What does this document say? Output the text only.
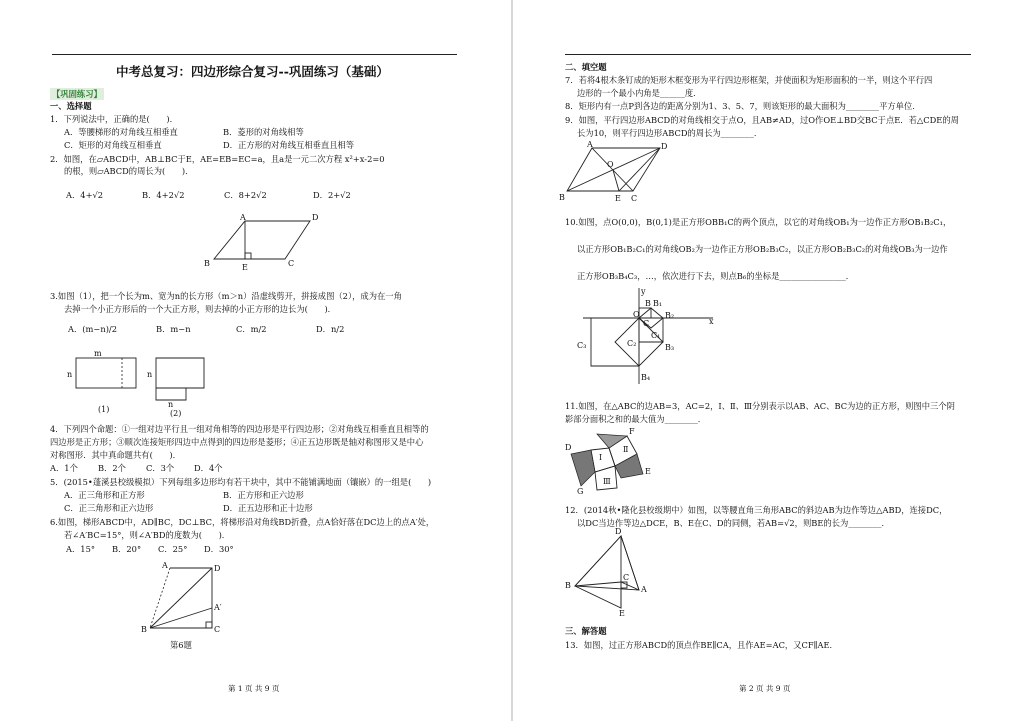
中考总复习：四边形综合复习--巩固练习（基础）
【巩固练习】
一、选择题
1．下列说法中，正确的是(　　)．
A．等腰梯形的对角线互相垂直	B．菱形的对角线相等
C．矩形的对角线互相垂直	D．正方形的对角线互相垂直且相等
2．如图，在▱ABCD中，AB⊥BC于E，AE=EB=EC=a，且a是一元二次方程 x²+x-2=0
的根，则▱ABCD的周长为(　　)．
A．4+√2	B．4+2√2	C．8+2√2	D．2+√2
A	D
B	E	C
3.如图（1），把一个长为m、宽为n的长方形（m＞n）沿虚线剪开，拼接成图（2），成为在一角
去掉一个小正方形后的一个大正方形，则去掉的小正方形的边长为(　　)．
A．(m−n)/2	B．m−n	C．m/2	D．n/2
m
n	n
n
(1)	(2)
4．下列四个命题：①一组对边平行且一组对角相等的四边形是平行四边形；②对角线互相垂直且相等的
四边形是正方形；③顺次连接矩形四边中点得到的四边形是菱形；④正五边形既是轴对称图形又是中心
对称图形．其中真命题共有(　　)．
A．1个 B．2个 C．3个 D．4个
5．(2015•蓬溪县校级模拟）下列每组多边形均有若干块中，其中不能铺满地面（镶嵌）的一组是(　　)
A．正三角形和正方形	B．正方形和正六边形
C．正三角形和正六边形	D．正五边形和正十边形
6.如图，梯形ABCD中，AD∥BC，DC⊥BC，将梯形沿对角线BD折叠，点A恰好落在DC边上的点A′处，
若∠A′BC=15°，则∠A′BD的度数为(　　)．
A．15° B．20° C．25° D．30°
A	D
A′
B	C
第6题
第 1 页 共 9 页
二、填空题
7．若将4根木条钉成的矩形木框变形为平行四边形框架，并使面积为矩形面积的一半，则这个平行四
边形的一个最小内角是______度．
8．矩形内有一点P到各边的距离分别为1、3、5、7，则该矩形的最大面积为________平方单位．
9．如图，平行四边形ABCD的对角线相交于点O，且AB≠AD，过O作OE⊥BD交BC于点E．若△CDE的周
长为10，则平行四边形ABCD的周长为________．
A	D
O
B	E C
10.如图，点O(0,0)，B(0,1)是正方形OBB₁C的两个顶点，以它的对角线OB₁为一边作正方形OB₁B₂C₁，
以正方形OB₁B₂C₁的对角线OB₂为一边作正方形OB₂B₃C₂，以正方形OB₂B₃C₂的对角线OB₃为一边作
正方形OB₃B₄C₃，…，依次进行下去，则点B₆的坐标是________________．
y
x
O
B B₁
B₂
B₃
B₄
C
C₁
C₂
C₃
11.如图，在△ABC的边AB=3，AC=2，Ⅰ、Ⅱ、Ⅲ分别表示以AB、AC、BC为边的正方形，则图中三个阴
影部分面积之和的最大值为________．
Ⅰ
Ⅱ
Ⅲ
D
E
F
G
12．(2014秋•隆化县校级期中）如图，以等腰直角三角形ABC的斜边AB为边作等边△ABD，连接DC，
以DC当边作等边△DCE，B、E在C、D的同侧，若AB=√2，则BE的长为________．
D
A
B
C
E
三、解答题
13．如图，过正方形ABCD的顶点作BE∥CA，且作AE=AC，又CF∥AE．
第 2 页 共 9 页
